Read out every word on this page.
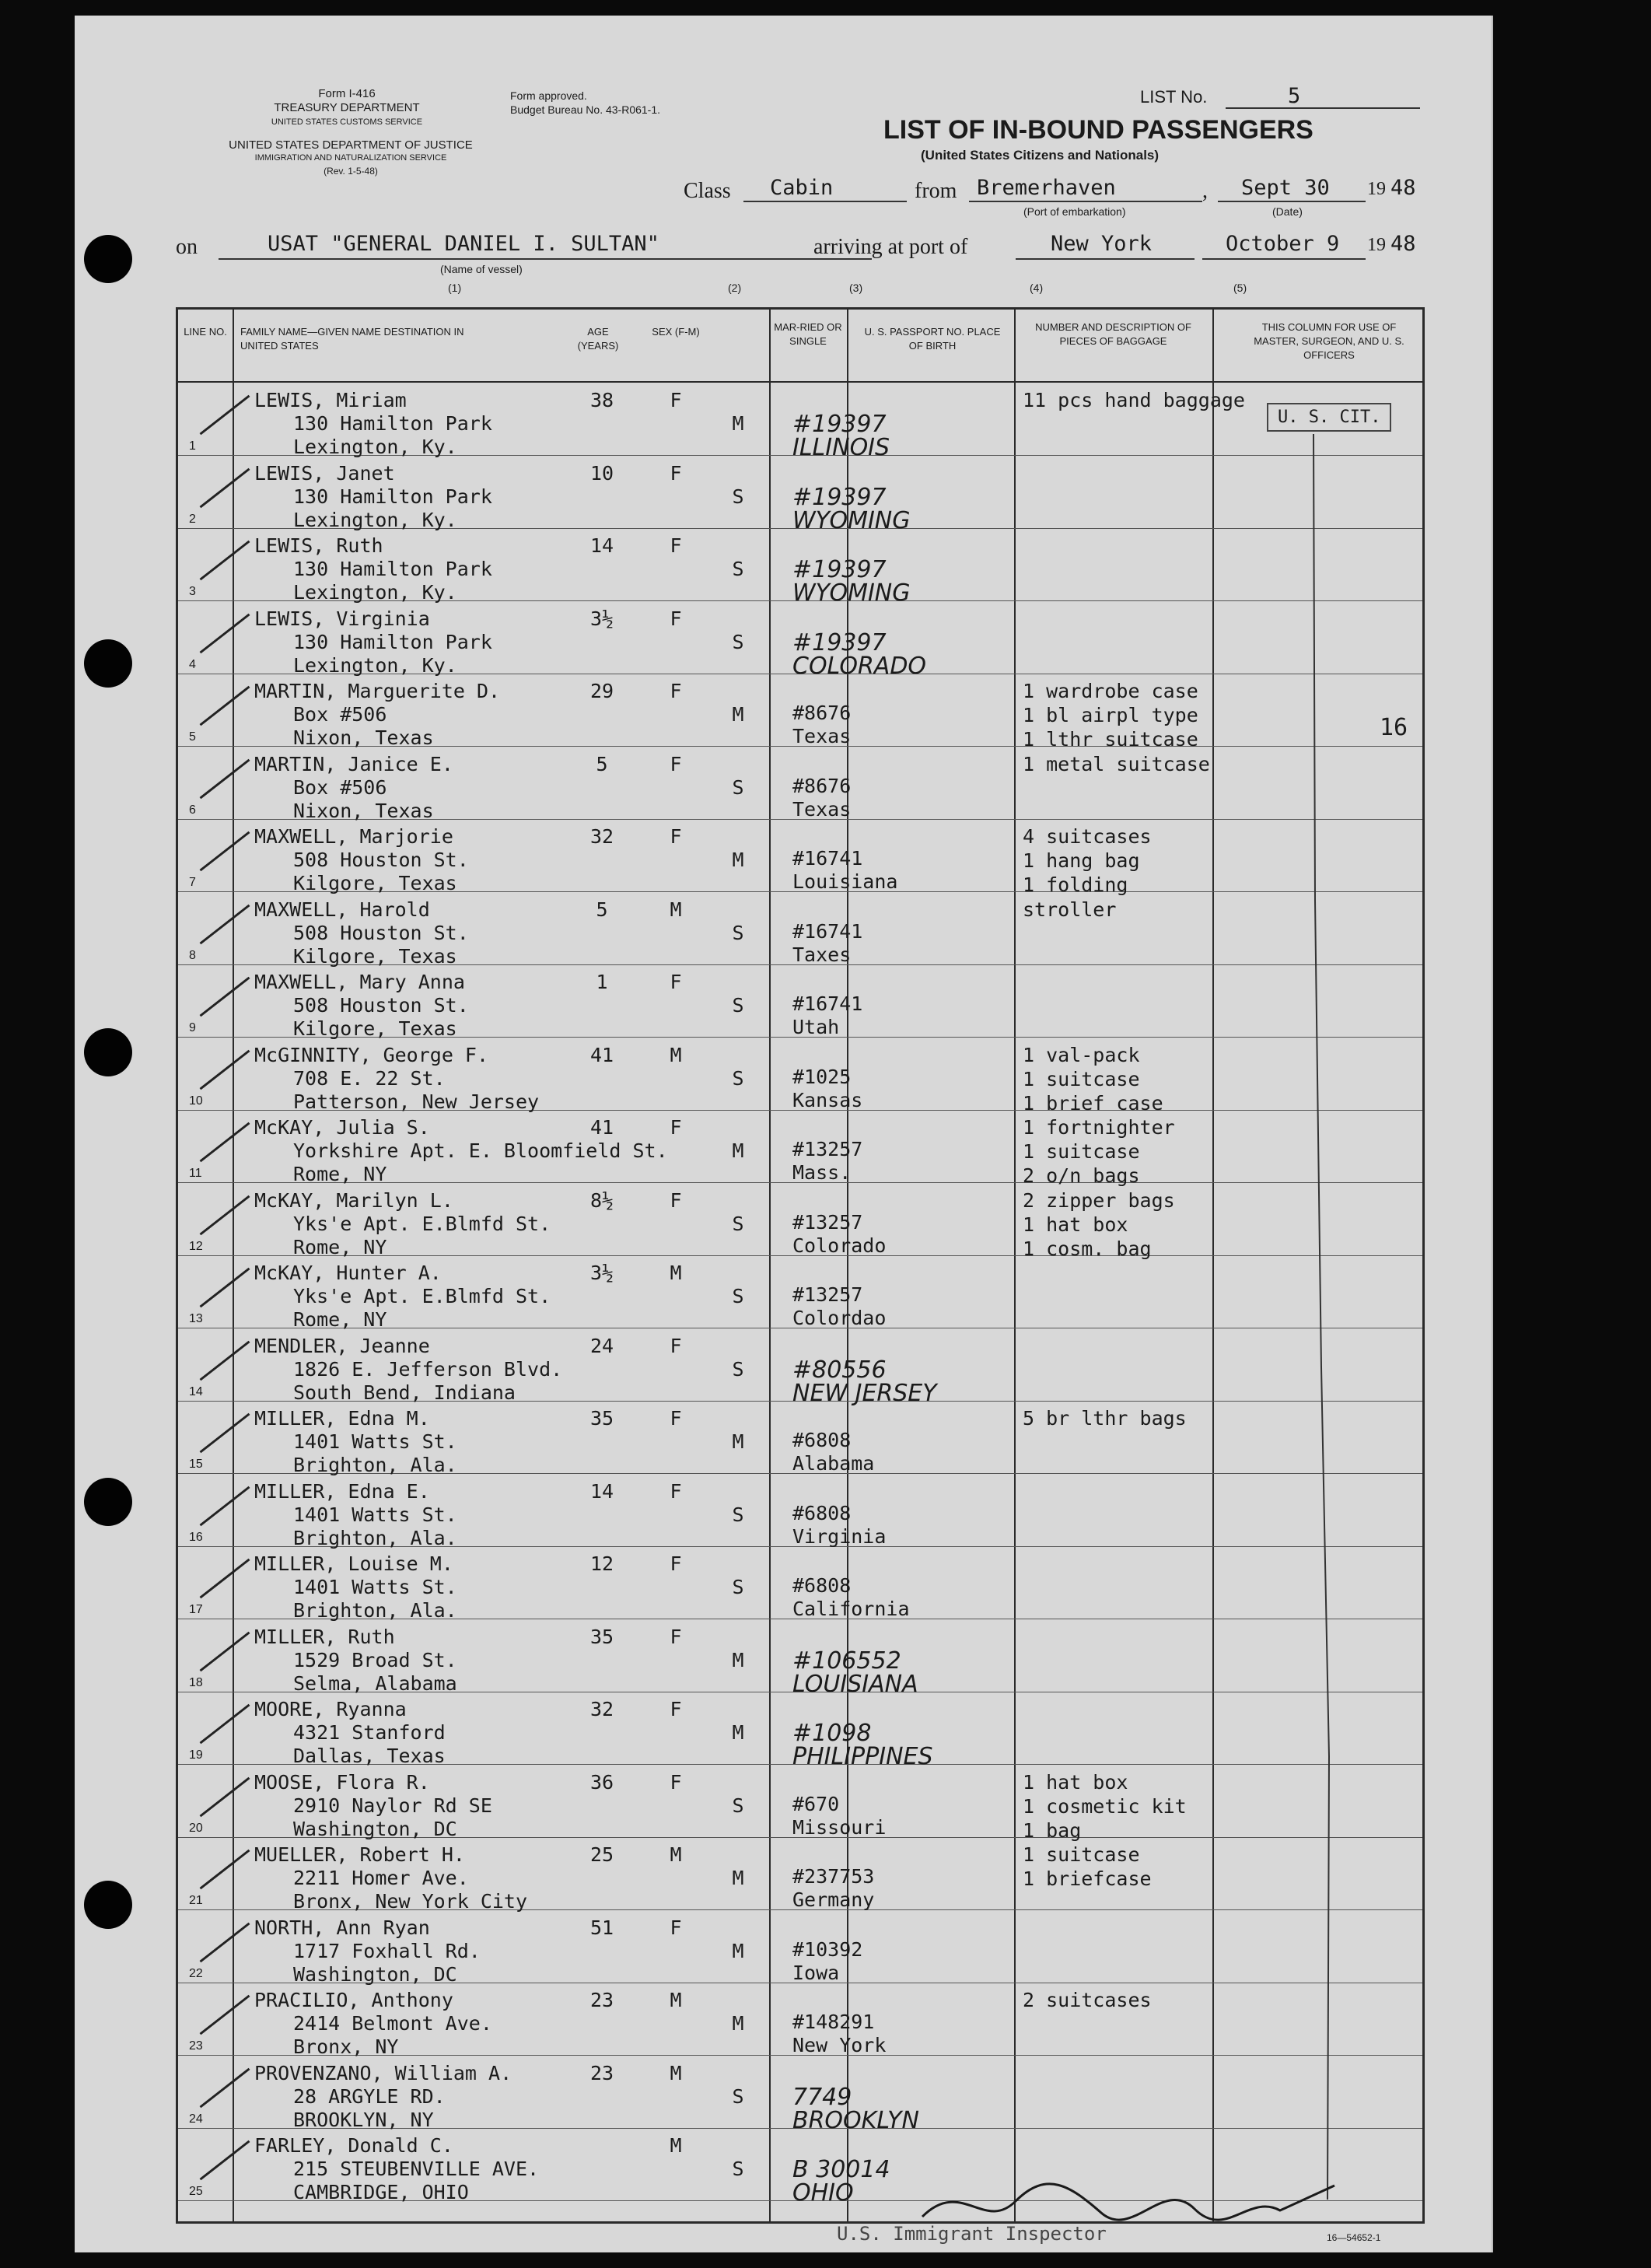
Form I-416
TREASURY DEPARTMENT
UNITED STATES CUSTOMS SERVICE
Form approved.
Budget Bureau No. 43-R061-1.
UNITED STATES DEPARTMENT OF JUSTICE
IMMIGRATION AND NATURALIZATION SERVICE
(Rev. 1-5-48)
LIST No.	5
LIST OF IN-BOUND PASSENGERS
(United States Citizens and Nationals)
Class Cabin	from Bremerhaven
(Port of embarkation)
, Sept 30
(Date)
19 48
on	USAT "GENERAL DANIEL I. SULTAN"
(Name of vessel)
arriving at port of	New York	October 9 19 48
(1)	(2)	(3)	(4)	(5)
LINE NO.	FAMILY NAME—GIVEN NAME DESTINATION IN UNITED STATES
AGE (YEARS)
SEX (F-M)	MAR-RIED OR SINGLE
U. S. PASSPORT NO. PLACE OF BIRTH
NUMBER AND DESCRIPTION OF PIECES OF BAGGAGE
THIS COLUMN FOR USE OF MASTER, SURGEON, AND U. S. OFFICERS
1
LEWIS, Miriam
130 Hamilton Park
Lexington, Ky.
38	F
M	#19397
ILLINOIS
11 pcs hand baggage
2
LEWIS, Janet
130 Hamilton Park
Lexington, Ky.
10	F
S	#19397
WYOMING
3
LEWIS, Ruth
130 Hamilton Park
Lexington, Ky.
14	F
S	#19397
WYOMING
4
LEWIS, Virginia
130 Hamilton Park
Lexington, Ky.
3½	F
S	#19397
COLORADO
5
MARTIN, Marguerite D.
Box #506
Nixon, Texas
29	F
M	#8676
Texas
1 wardrobe case
1 bl airpl type
1 lthr suitcase
6
MARTIN, Janice E.
Box #506
Nixon, Texas
5	F
S	#8676
Texas
1 metal suitcase
7
MAXWELL, Marjorie
508 Houston St.
Kilgore, Texas
32	F
M	#16741
Louisiana
4 suitcases
1 hang bag
1 folding
8
MAXWELL, Harold
508 Houston St.
Kilgore, Texas
5	M
S	#16741
Taxes
stroller
9
MAXWELL, Mary Anna
508 Houston St.
Kilgore, Texas
1	F
S	#16741
Utah
10
McGINNITY, George F.
708 E. 22 St.
Patterson, New Jersey
41	M
S	#1025
Kansas
1 val-pack
1 suitcase
1 brief case
11
McKAY, Julia S.
Yorkshire Apt. E. Bloomfield St.
Rome, NY
41	F
M	#13257
Mass.
1 fortnighter
1 suitcase
2 o/n bags
12
McKAY, Marilyn L.
Yks'e Apt. E.Blmfd St.
Rome, NY
8½	F
S	#13257
Colorado
2 zipper bags
1 hat box
1 cosm. bag
13
McKAY, Hunter A.
Yks'e Apt. E.Blmfd St.
Rome, NY
3½	M
S	#13257
Colordao
14
MENDLER, Jeanne
1826 E. Jefferson Blvd.
South Bend, Indiana
24	F
S	#80556
NEW JERSEY
15
MILLER, Edna M.
1401 Watts St.
Brighton, Ala.
35	F
M	#6808
Alabama
5 br lthr bags
16
MILLER, Edna E.
1401 Watts St.
Brighton, Ala.
14	F
S	#6808
Virginia
17
MILLER, Louise M.
1401 Watts St.
Brighton, Ala.
12	F
S	#6808
California
18
MILLER, Ruth
1529 Broad St.
Selma, Alabama
35	F
M	#106552
LOUISIANA
19
MOORE, Ryanna
4321 Stanford
Dallas, Texas
32	F
M	#1098
PHILIPPINES
20
MOOSE, Flora R.
2910 Naylor Rd SE
Washington, DC
36	F
S	#670
Missouri
1 hat box
1 cosmetic kit
1 bag
21
MUELLER, Robert H.
2211 Homer Ave.
Bronx, New York City
25	M
M	#237753
Germany
1 suitcase
1 briefcase
22
NORTH, Ann Ryan
1717 Foxhall Rd.
Washington, DC
51	F
M	#10392
Iowa
23
PRACILIO, Anthony
2414 Belmont Ave.
Bronx, NY
23	M
M	#148291
New York
2 suitcases
24
PROVENZANO, William A.
28 ARGYLE RD.
BROOKLYN, NY
23	M
S	7749
BROOKLYN
25
FARLEY, Donald C.
215 STEUBENVILLE AVE.
CAMBRIDGE, OHIO
M
S	B 30014
OHIO
U. S. CIT.
16
U.S. Immigrant Inspector	16—54652-1
